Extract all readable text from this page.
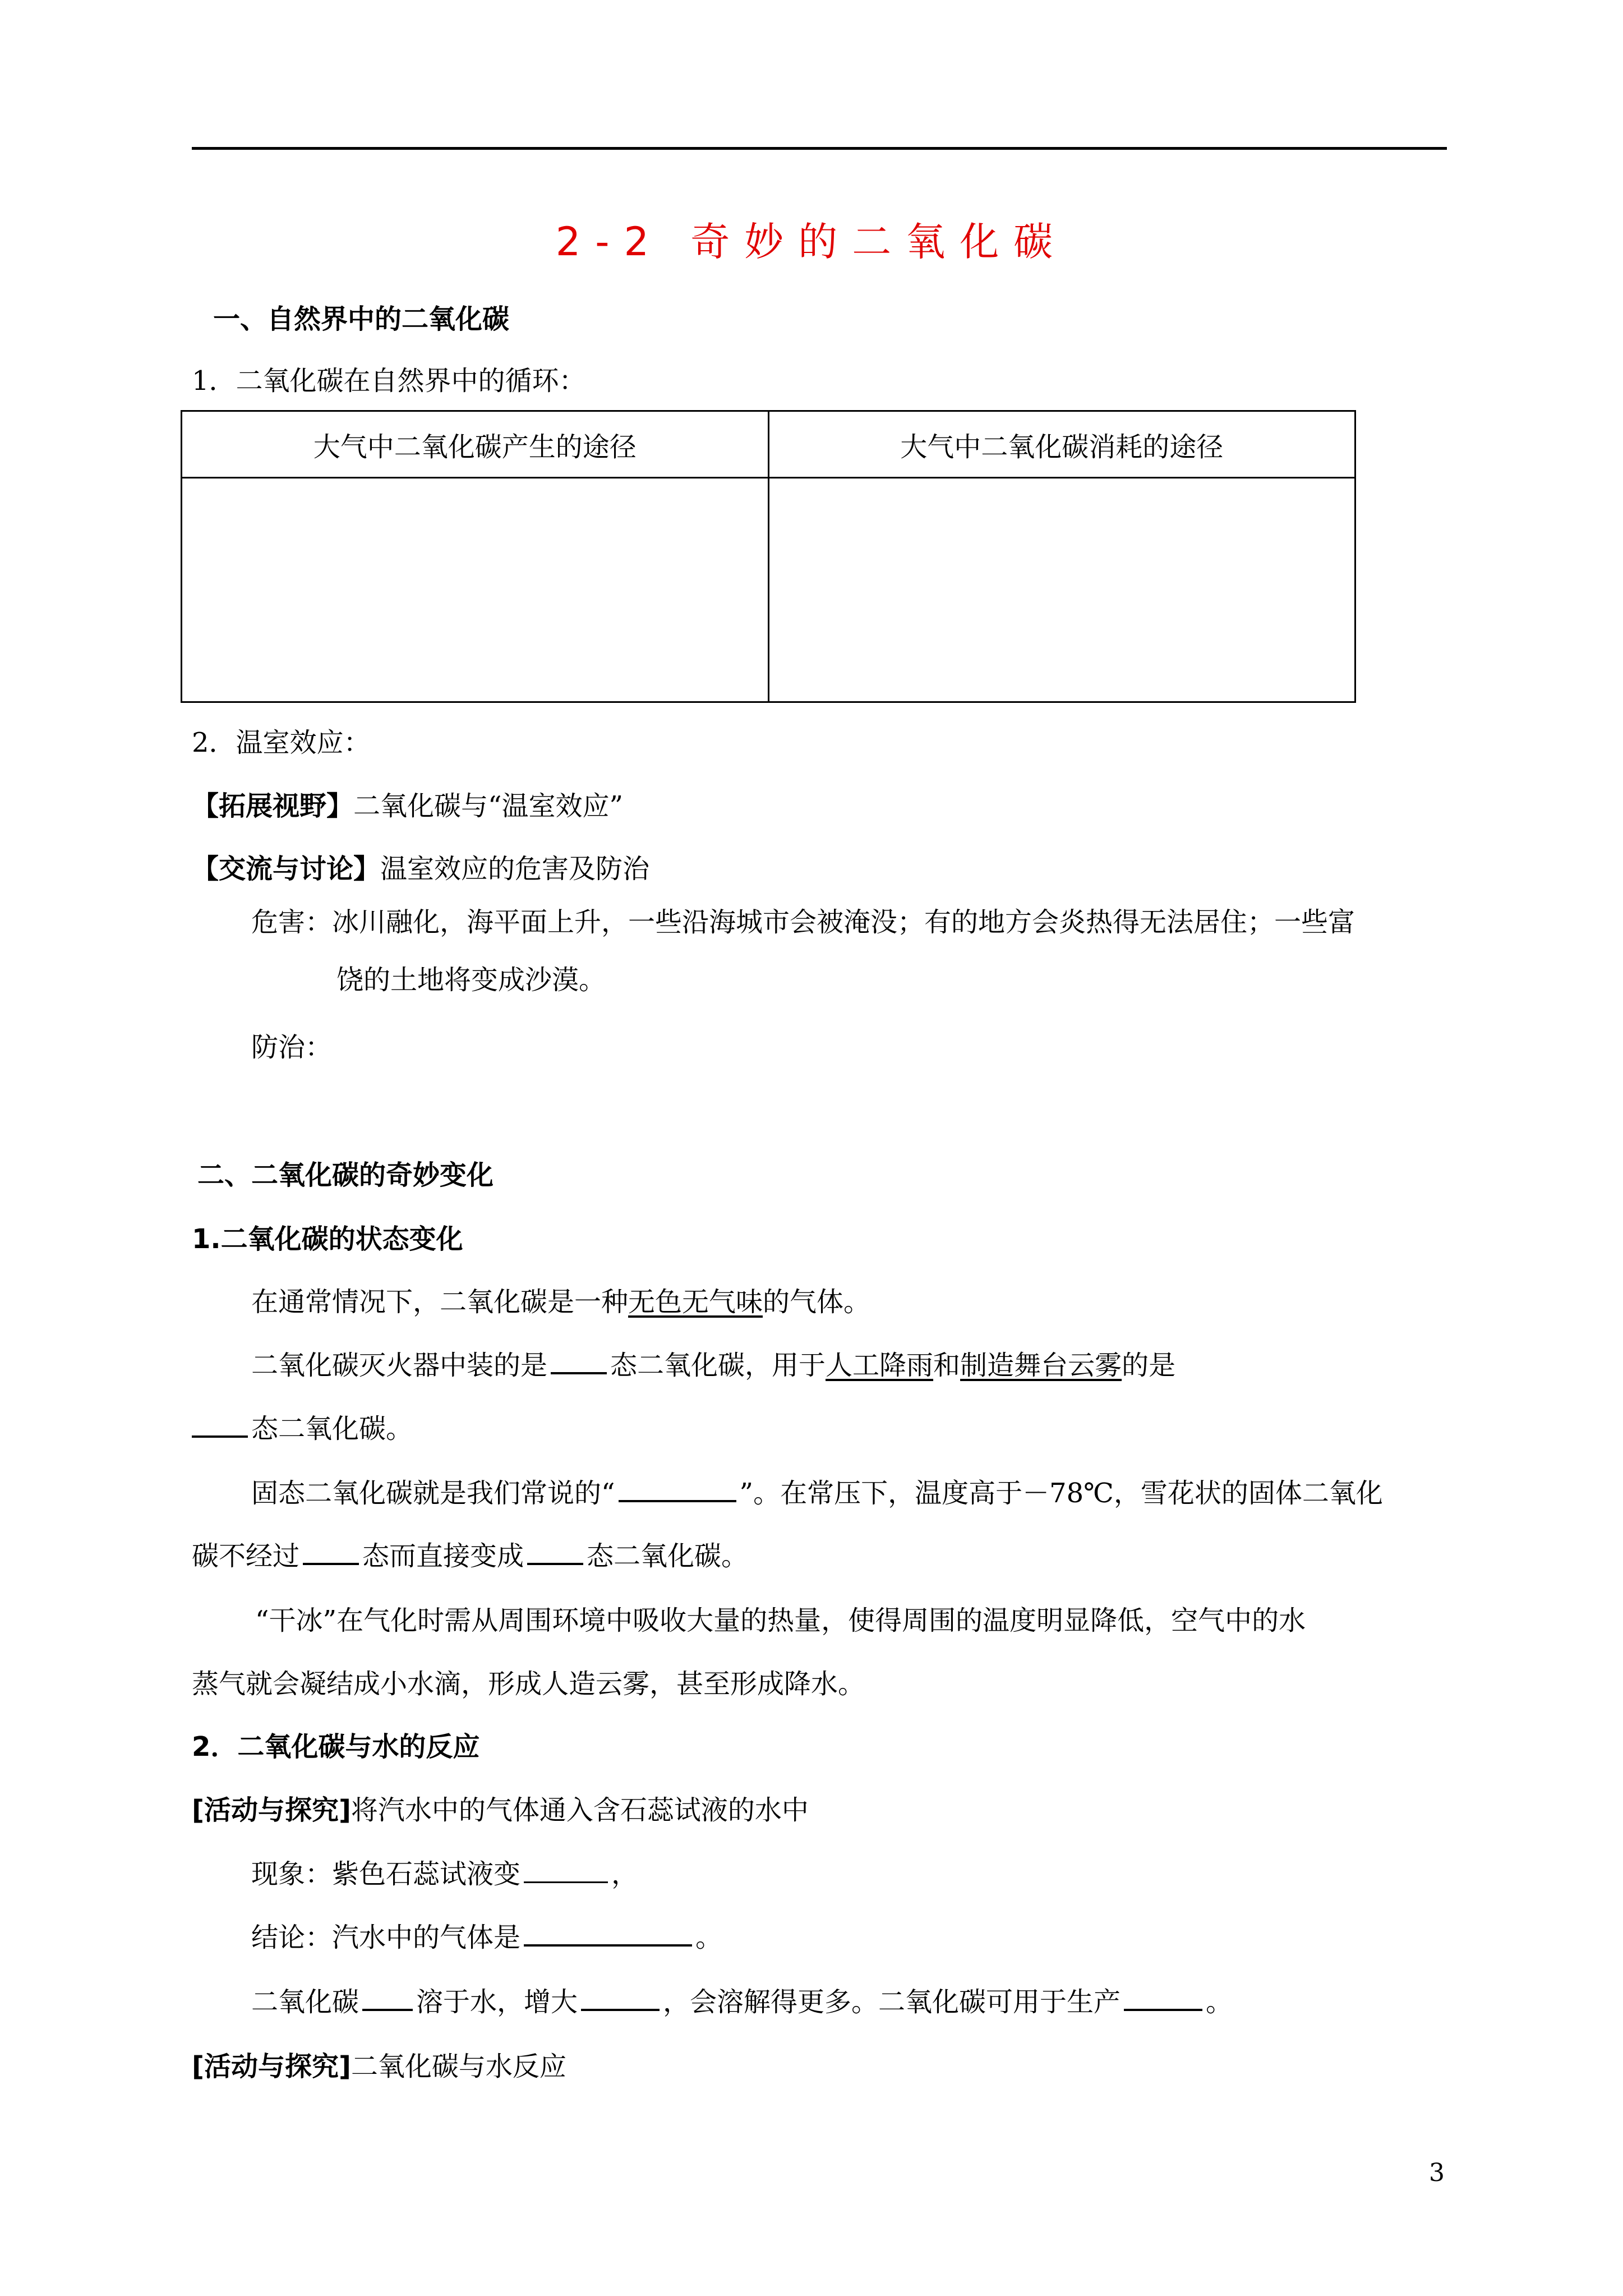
2-2 奇妙的二氧化碳
一、自然界中的二氧化碳
1．二氧化碳在自然界中的循环：
大气中二氧化碳产生的途径	大气中二氧化碳消耗的途径

2．温室效应：
【拓展视野】二氧化碳与“温室效应”
【交流与讨论】温室效应的危害及防治
危害：冰川融化，海平面上升，一些沿海城市会被淹没；有的地方会炎热得无法居住；一些富
饶的土地将变成沙漠。
防治：
二、二氧化碳的奇妙变化
1.二氧化碳的状态变化
在通常情况下，二氧化碳是一种无色无气味的气体。
二氧化碳灭火器中装的是 态二氧化碳，用于人工降雨和制造舞台云雾的是
态二氧化碳。
固态二氧化碳就是我们常说的“	”。在常压下，温度高于－78℃，雪花状的固体二氧化
碳不经过 态而直接变成 态二氧化碳。
“干冰”在气化时需从周围环境中吸收大量的热量，使得周围的温度明显降低，空气中的水
蒸气就会凝结成小水滴，形成人造云雾，甚至形成降水。
2．二氧化碳与水的反应
[活动与探究]将汽水中的气体通入含石蕊试液的水中
现象：紫色石蕊试液变	，
结论：汽水中的气体是	。
二氧化碳 溶于水，增大	，会溶解得更多。二氧化碳可用于生产	。
[活动与探究]二氧化碳与水反应
3
